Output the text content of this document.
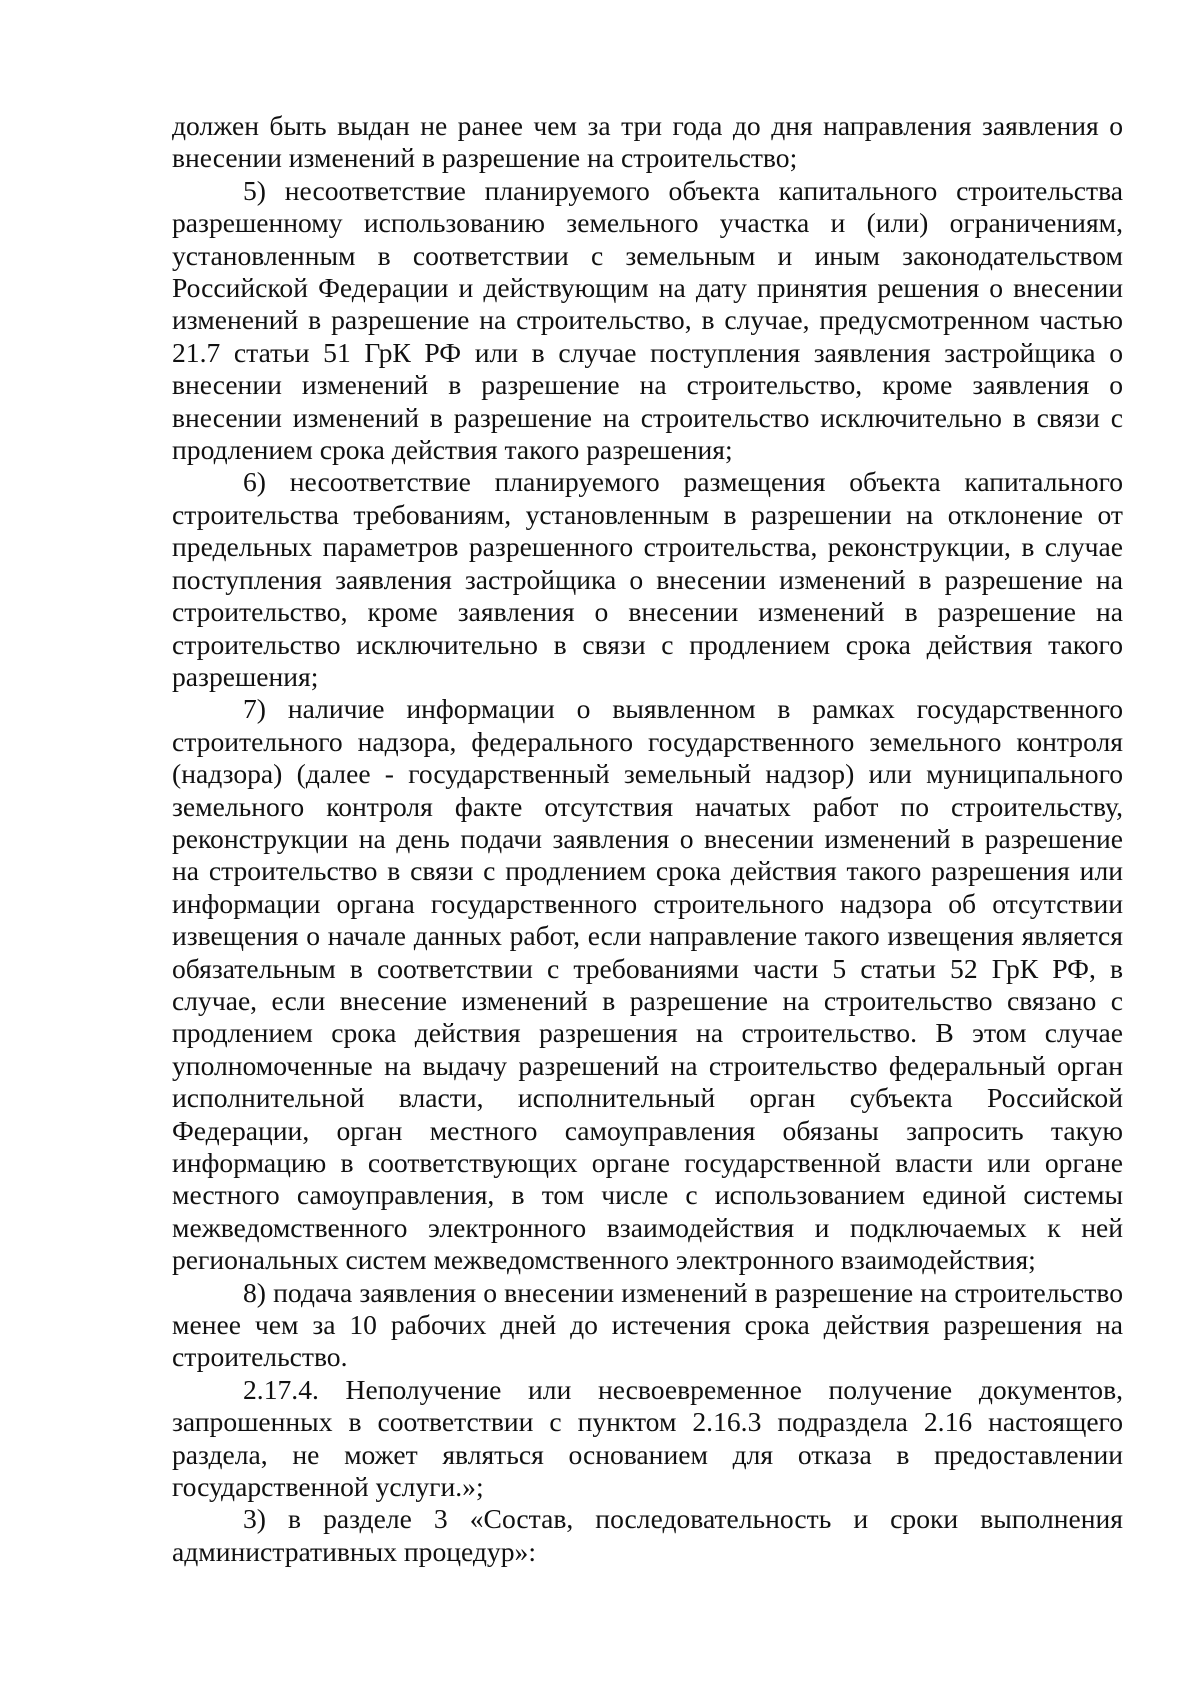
должен быть выдан не ранее чем за три года до дня направления заявления о внесении изменений в разрешение на строительство;

5) несоответствие планируемого объекта капитального строительства разрешенному использованию земельного участка и (или) ограничениям, установленным в соответствии с земельным и иным законодательством Российской Федерации и действующим на дату принятия решения о внесении изменений в разрешение на строительство, в случае, предусмотренном частью 21.7 статьи 51 ГрК РФ или в случае поступления заявления застройщика о внесении изменений в разрешение на строительство, кроме заявления о внесении изменений в разрешение на строительство исключительно в связи с продлением срока действия такого разрешения;

6) несоответствие планируемого размещения объекта капитального строительства требованиям, установленным в разрешении на отклонение от предельных параметров разрешенного строительства, реконструкции, в случае поступления заявления застройщика о внесении изменений в разрешение на строительство, кроме заявления о внесении изменений в разрешение на строительство исключительно в связи с продлением срока действия такого разрешения;

7) наличие информации о выявленном в рамках государственного строительного надзора, федерального государственного земельного контроля (надзора) (далее - государственный земельный надзор) или муниципального земельного контроля факте отсутствия начатых работ по строительству, реконструкции на день подачи заявления о внесении изменений в разрешение на строительство в связи с продлением срока действия такого разрешения или информации органа государственного строительного надзора об отсутствии извещения о начале данных работ, если направление такого извещения является обязательным в соответствии с требованиями части 5 статьи 52 ГрК РФ, в случае, если внесение изменений в разрешение на строительство связано с продлением срока действия разрешения на строительство. В этом случае уполномоченные на выдачу разрешений на строительство федеральный орган исполнительной власти, исполнительный орган субъекта Российской Федерации, орган местного самоуправления обязаны запросить такую информацию в соответствующих органе государственной власти или органе местного самоуправления, в том числе с использованием единой системы межведомственного электронного взаимодействия и подключаемых к ней региональных систем межведомственного электронного взаимодействия;

8) подача заявления о внесении изменений в разрешение на строительство менее чем за 10 рабочих дней до истечения срока действия разрешения на строительство.

2.17.4. Неполучение или несвоевременное получение документов, запрошенных в соответствии с пунктом 2.16.3 подраздела 2.16 настоящего раздела, не может являться основанием для отказа в предоставлении государственной услуги.»;

3) в разделе 3 «Состав, последовательность и сроки выполнения административных процедур»:
